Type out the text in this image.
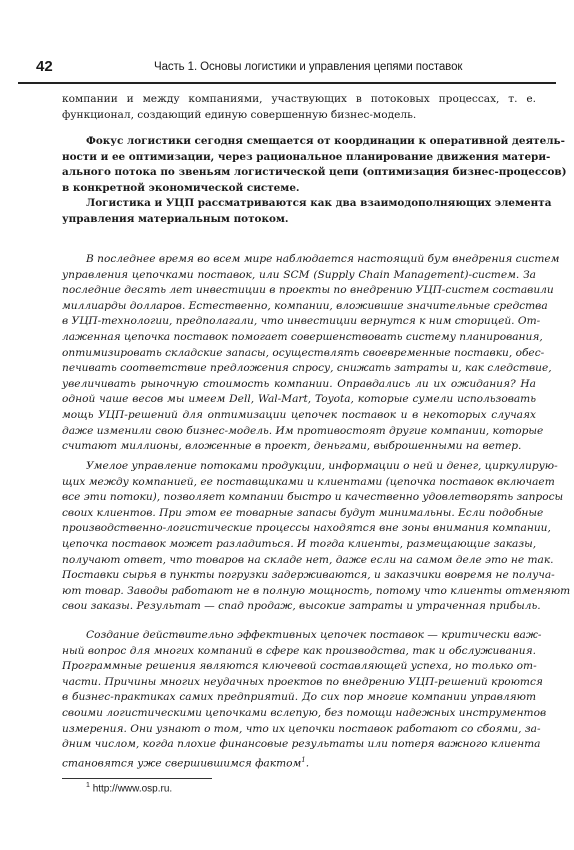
42	Часть 1. Основы логистики и управления цепями поставок
компании и между компаниями, участвующих в потоковых процессах, т. е.
функционал, создающий единую совершенную бизнес-модель.
Фокус логистики сегодня смещается от координации к оперативной деятель-
ности и ее оптимизации, через рациональное планирование движения матери-
ального потока по звеньям логистической цепи (оптимизация бизнес-процессов)
в конкретной экономической системе.
Логистика и УЦП рассматриваются как два взаимодополняющих элемента
управления материальным потоком.
В последнее время во всем мире наблюдается настоящий бум внедрения систем
управления цепочками поставок, или SCM (Supply Chain Management)-систем. За
последние десять лет инвестиции в проекты по внедрению УЦП-систем составили
миллиарды долларов. Естественно, компании, вложившие значительные средства
в УЦП-технологии, предполагали, что инвестиции вернутся к ним сторицей. От-
лаженная цепочка поставок помогает совершенствовать систему планирования,
оптимизировать складские запасы, осуществлять своевременные поставки, обес-
печивать соответствие предложения спросу, снижать затраты и, как следствие,
увеличивать рыночную стоимость компании. Оправдались ли их ожидания? На
одной чаше весов мы имеем Dell, Wal-Mart, Toyota, которые сумели использовать
мощь УЦП-решений для оптимизации цепочек поставок и в некоторых случаях
даже изменили свою бизнес-модель. Им противостоят другие компании, которые
считают миллионы, вложенные в проект, деньгами, выброшенными на ветер.
Умелое управление потоками продукции, информации о ней и денег, циркулирую-
щих между компанией, ее поставщиками и клиентами (цепочка поставок включает
все эти потоки), позволяет компании быстро и качественно удовлетворять запросы
своих клиентов. При этом ее товарные запасы будут минимальны. Если подобные
производственно-логистические процессы находятся вне зоны внимания компании,
цепочка поставок может разладиться. И тогда клиенты, размещающие заказы,
получают ответ, что товаров на складе нет, даже если на самом деле это не так.
Поставки сырья в пункты погрузки задерживаются, и заказчики вовремя не получа-
ют товар. Заводы работают не в полную мощность, потому что клиенты отменяют
свои заказы. Результат — спад продаж, высокие затраты и утраченная прибыль.
Создание действительно эффективных цепочек поставок — критически важ-
ный вопрос для многих компаний в сфере как производства, так и обслуживания.
Программные решения являются ключевой составляющей успеха, но только от-
части. Причины многих неудачных проектов по внедрению УЦП-решений кроются
в бизнес-практиках самих предприятий. До сих пор многие компании управляют
своими логистическими цепочками вслепую, без помощи надежных инструментов
измерения. Они узнают о том, что их цепочки поставок работают со сбоями, за-
дним числом, когда плохие финансовые результаты или потеря важного клиента
становятся уже свершившимся фактом$^1$.
$^1$ http://www.osp.ru.
